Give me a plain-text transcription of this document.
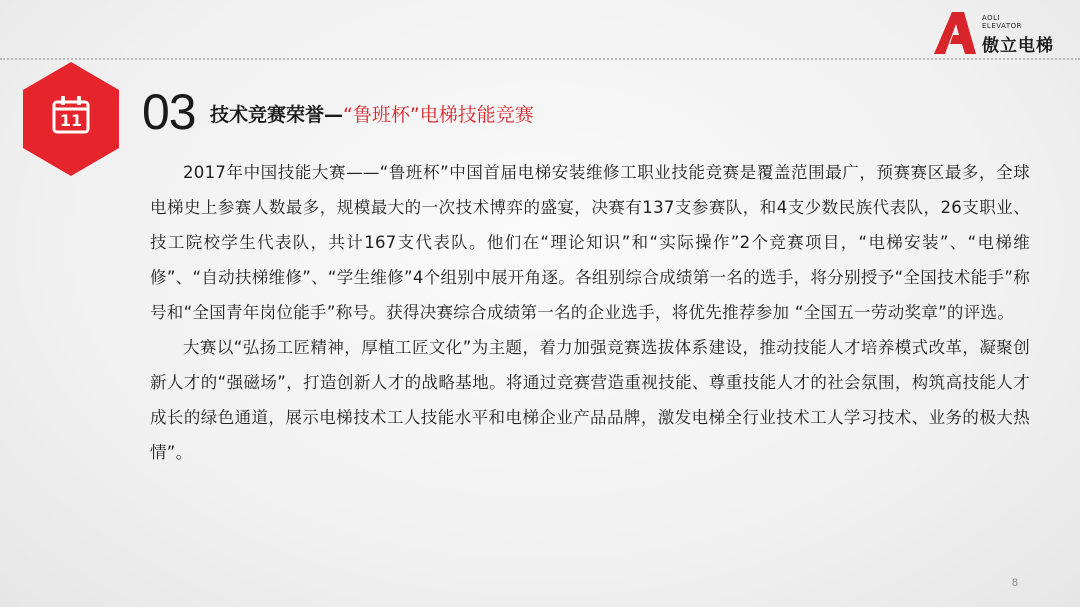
AOLI
ELEVATOR
傲立电梯
11	03 技术竞赛荣誉—“鲁班杯”电梯技能竞赛

2017年中国技能大赛——“鲁班杯”中国首届电梯安装维修工职业技能竞赛是覆盖范围最广，预赛赛区最多，全球电梯史上参赛人数最多，规模最大的一次技术博弈的盛宴，决赛有137支参赛队，和4支少数民族代表队，26支职业、技工院校学生代表队，共计167支代表队。他们在“理论知识”和“实际操作”2个竞赛项目，“电梯安装”、“电梯维修”、“自动扶梯维修”、“学生维修”4个组别中展开角逐。各组别综合成绩第一名的选手，将分别授予“全国技术能手”称号和“全国青年岗位能手”称号。获得决赛综合成绩第一名的企业选手，将优先推荐参加 “全国五一劳动奖章”的评选。

大赛以“弘扬工匠精神，厚植工匠文化”为主题，着力加强竞赛选拔体系建设，推动技能人才培养模式改革，凝聚创新人才的“强磁场”，打造创新人才的战略基地。将通过竞赛营造重视技能、尊重技能人才的社会氛围，构筑高技能人才成长的绿色通道，展示电梯技术工人技能水平和电梯企业产品品牌，激发电梯全行业技术工人学习技术、业务的极大热情”。

8
